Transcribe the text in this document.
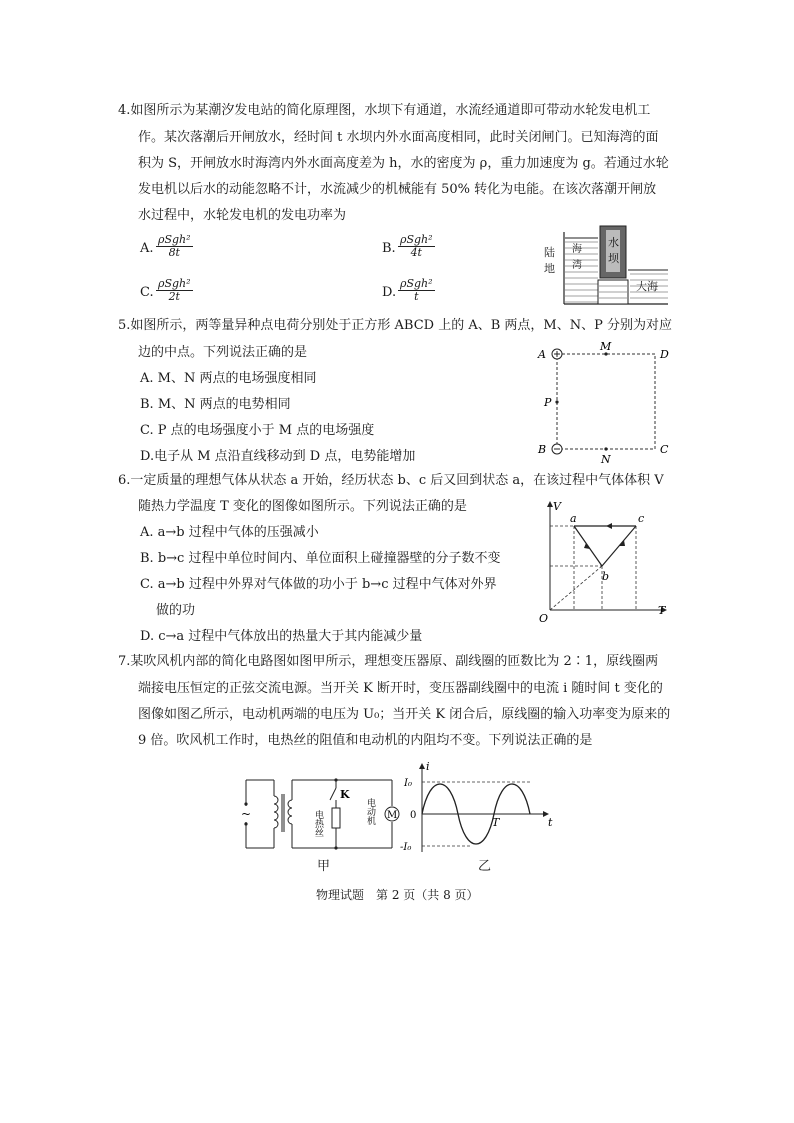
4.如图所示为某潮汐发电站的简化原理图，水坝下有通道，水流经通道即可带动水轮发电机工
作。某次落潮后开闸放水，经时间 t 水坝内外水面高度相同，此时关闭闸门。已知海湾的面
积为 S，开闸放水时海湾内外水面高度差为 h，水的密度为 ρ，重力加速度为 g。若通过水轮
发电机以后水的动能忽略不计，水流减少的机械能有 50% 转化为电能。在该次落潮开闸放
水过程中，水轮发电机的发电功率为
A.
ρSgh²
8t	B.
ρSgh²
4t
C.
ρSgh²
2t	D.
ρSgh²
t
陆
地
海
湾
水
坝
大海
5.如图所示，两等量异种点电荷分别处于正方形 ABCD 上的 A、B 两点，M、N、P 分别为对应
边的中点。下列说法正确的是
A. M、N 两点的电场强度相同
B. M、N 两点的电势相同
C. P 点的电场强度小于 M 点的电场强度
D.电子从 M 点沿直线移动到 D 点，电势能增加
A	D
B	C
M
P
N
6.一定质量的理想气体从状态 a 开始，经历状态 b、c 后又回到状态 a，在该过程中气体体积 V
随热力学温度 T 变化的图像如图所示。下列说法正确的是
A. a→b 过程中气体的压强减小
B. b→c 过程中单位时间内、单位面积上碰撞器壁的分子数不变
C. a→b 过程中外界对气体做的功小于 b→c 过程中气体对外界
做的功
D. c→a 过程中气体放出的热量大于其内能减少量
V
T
O
a
b
c
7.某吹风机内部的简化电路图如图甲所示，理想变压器原、副线圈的匝数比为 2∶1，原线圈两
端接电压恒定的正弦交流电源。当开关 K 断开时，变压器副线圈中的电流 i 随时间 t 变化的
图像如图乙所示，电动机两端的电压为 U₀；当开关 K 闭合后，原线圈的输入功率变为原来的
9 倍。吹风机工作时，电热丝的阻值和电动机的内阻均不变。下列说法正确的是
~
K
电热丝	M
电动机
甲
i
t
I₀
0
-I₀
T
乙
物理试题　第 2 页（共 8 页）
